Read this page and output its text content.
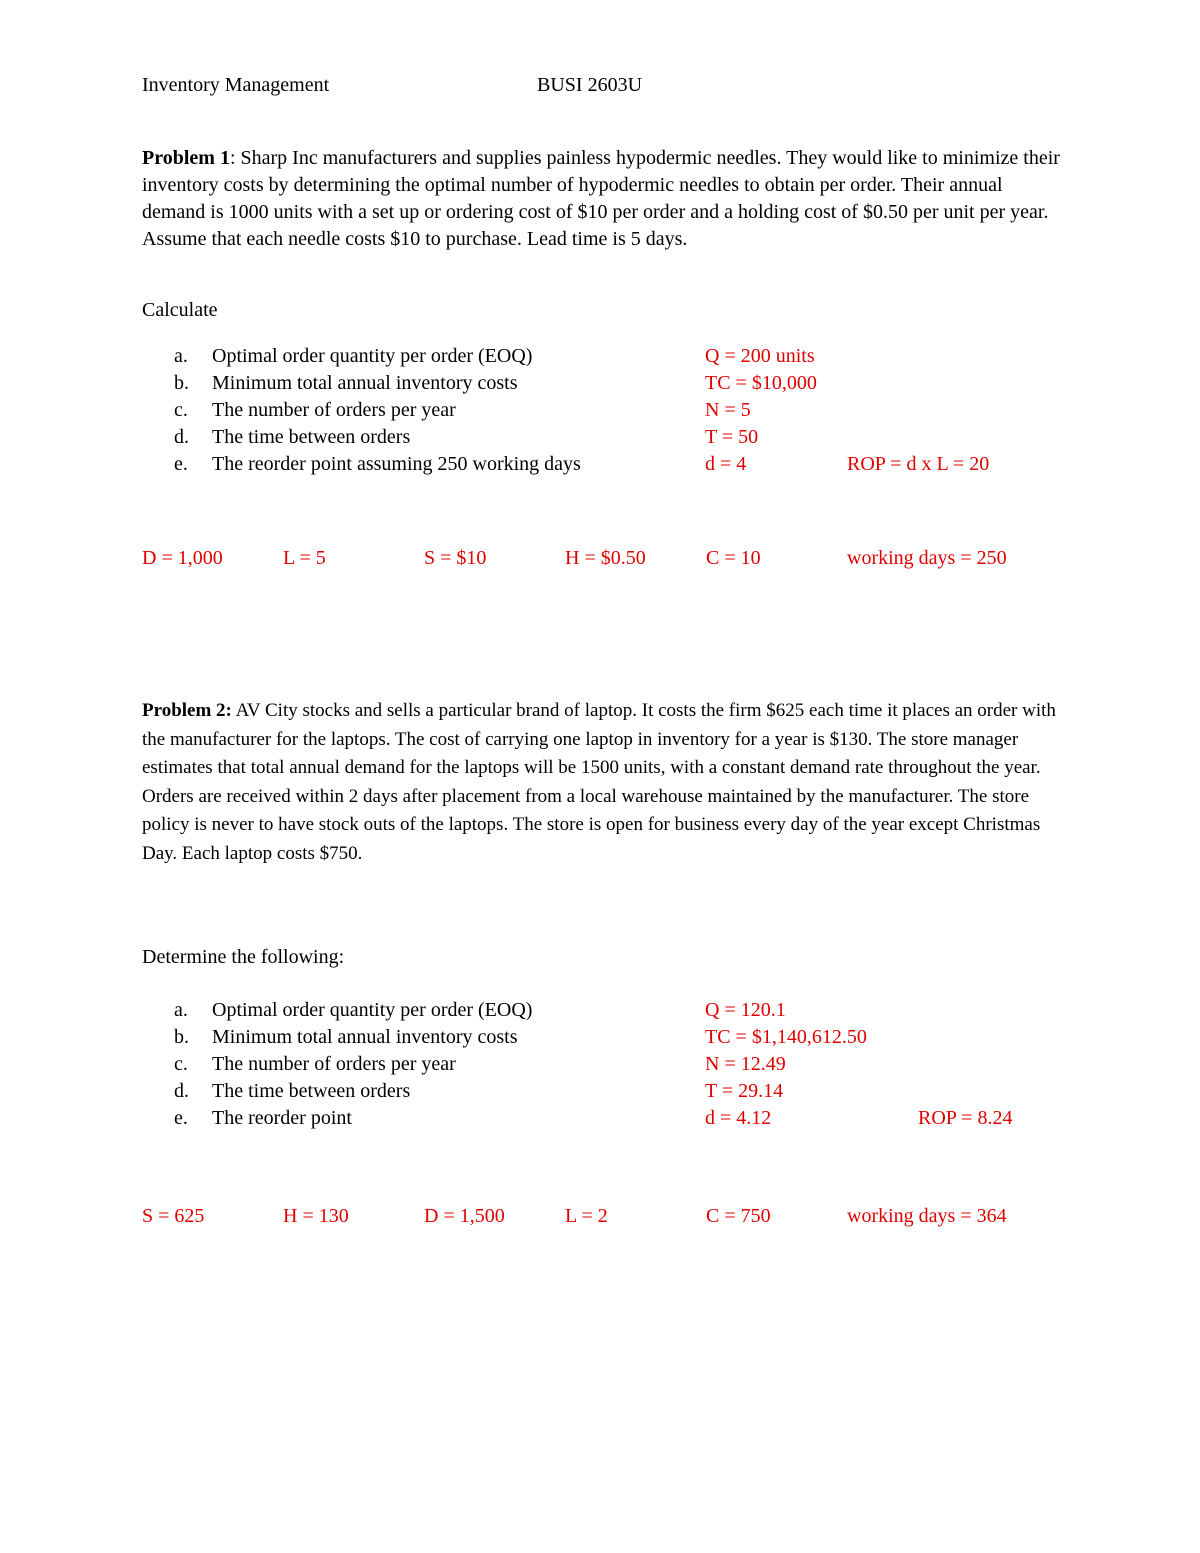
Inventory Management	BUSI 2603U
Problem 1: Sharp Inc manufacturers and supplies painless hypodermic needles. They would like to minimize their inventory costs by determining the optimal number of hypodermic needles to obtain per order. Their annual demand is 1000 units with a set up or ordering cost of $10 per order and a holding cost of $0.50 per unit per year. Assume that each needle costs $10 to purchase. Lead time is 5 days.
Calculate
a. Optimal order quantity per order (EOQ)	Q = 200 units
b. Minimum total annual inventory costs	TC = $10,000
c. The number of orders per year	N = 5
d. The time between orders	T = 50
e. The reorder point assuming 250 working days	d = 4	ROP = d x L = 20
D = 1,000	L = 5	S = $10	H = $0.50	C = 10	working days = 250
Problem 2: AV City stocks and sells a particular brand of laptop. It costs the firm $625 each time it places an order with the manufacturer for the laptops. The cost of carrying one laptop in inventory for a year is $130. The store manager estimates that total annual demand for the laptops will be 1500 units, with a constant demand rate throughout the year. Orders are received within 2 days after placement from a local warehouse maintained by the manufacturer. The store policy is never to have stock outs of the laptops. The store is open for business every day of the year except Christmas Day. Each laptop costs $750.
Determine the following:
a. Optimal order quantity per order (EOQ)	Q = 120.1
b. Minimum total annual inventory costs	TC = $1,140,612.50
c. The number of orders per year	N = 12.49
d. The time between orders	T = 29.14
e. The reorder point	d = 4.12	ROP = 8.24
S = 625	H = 130	D = 1,500	L = 2	C = 750	working days = 364
